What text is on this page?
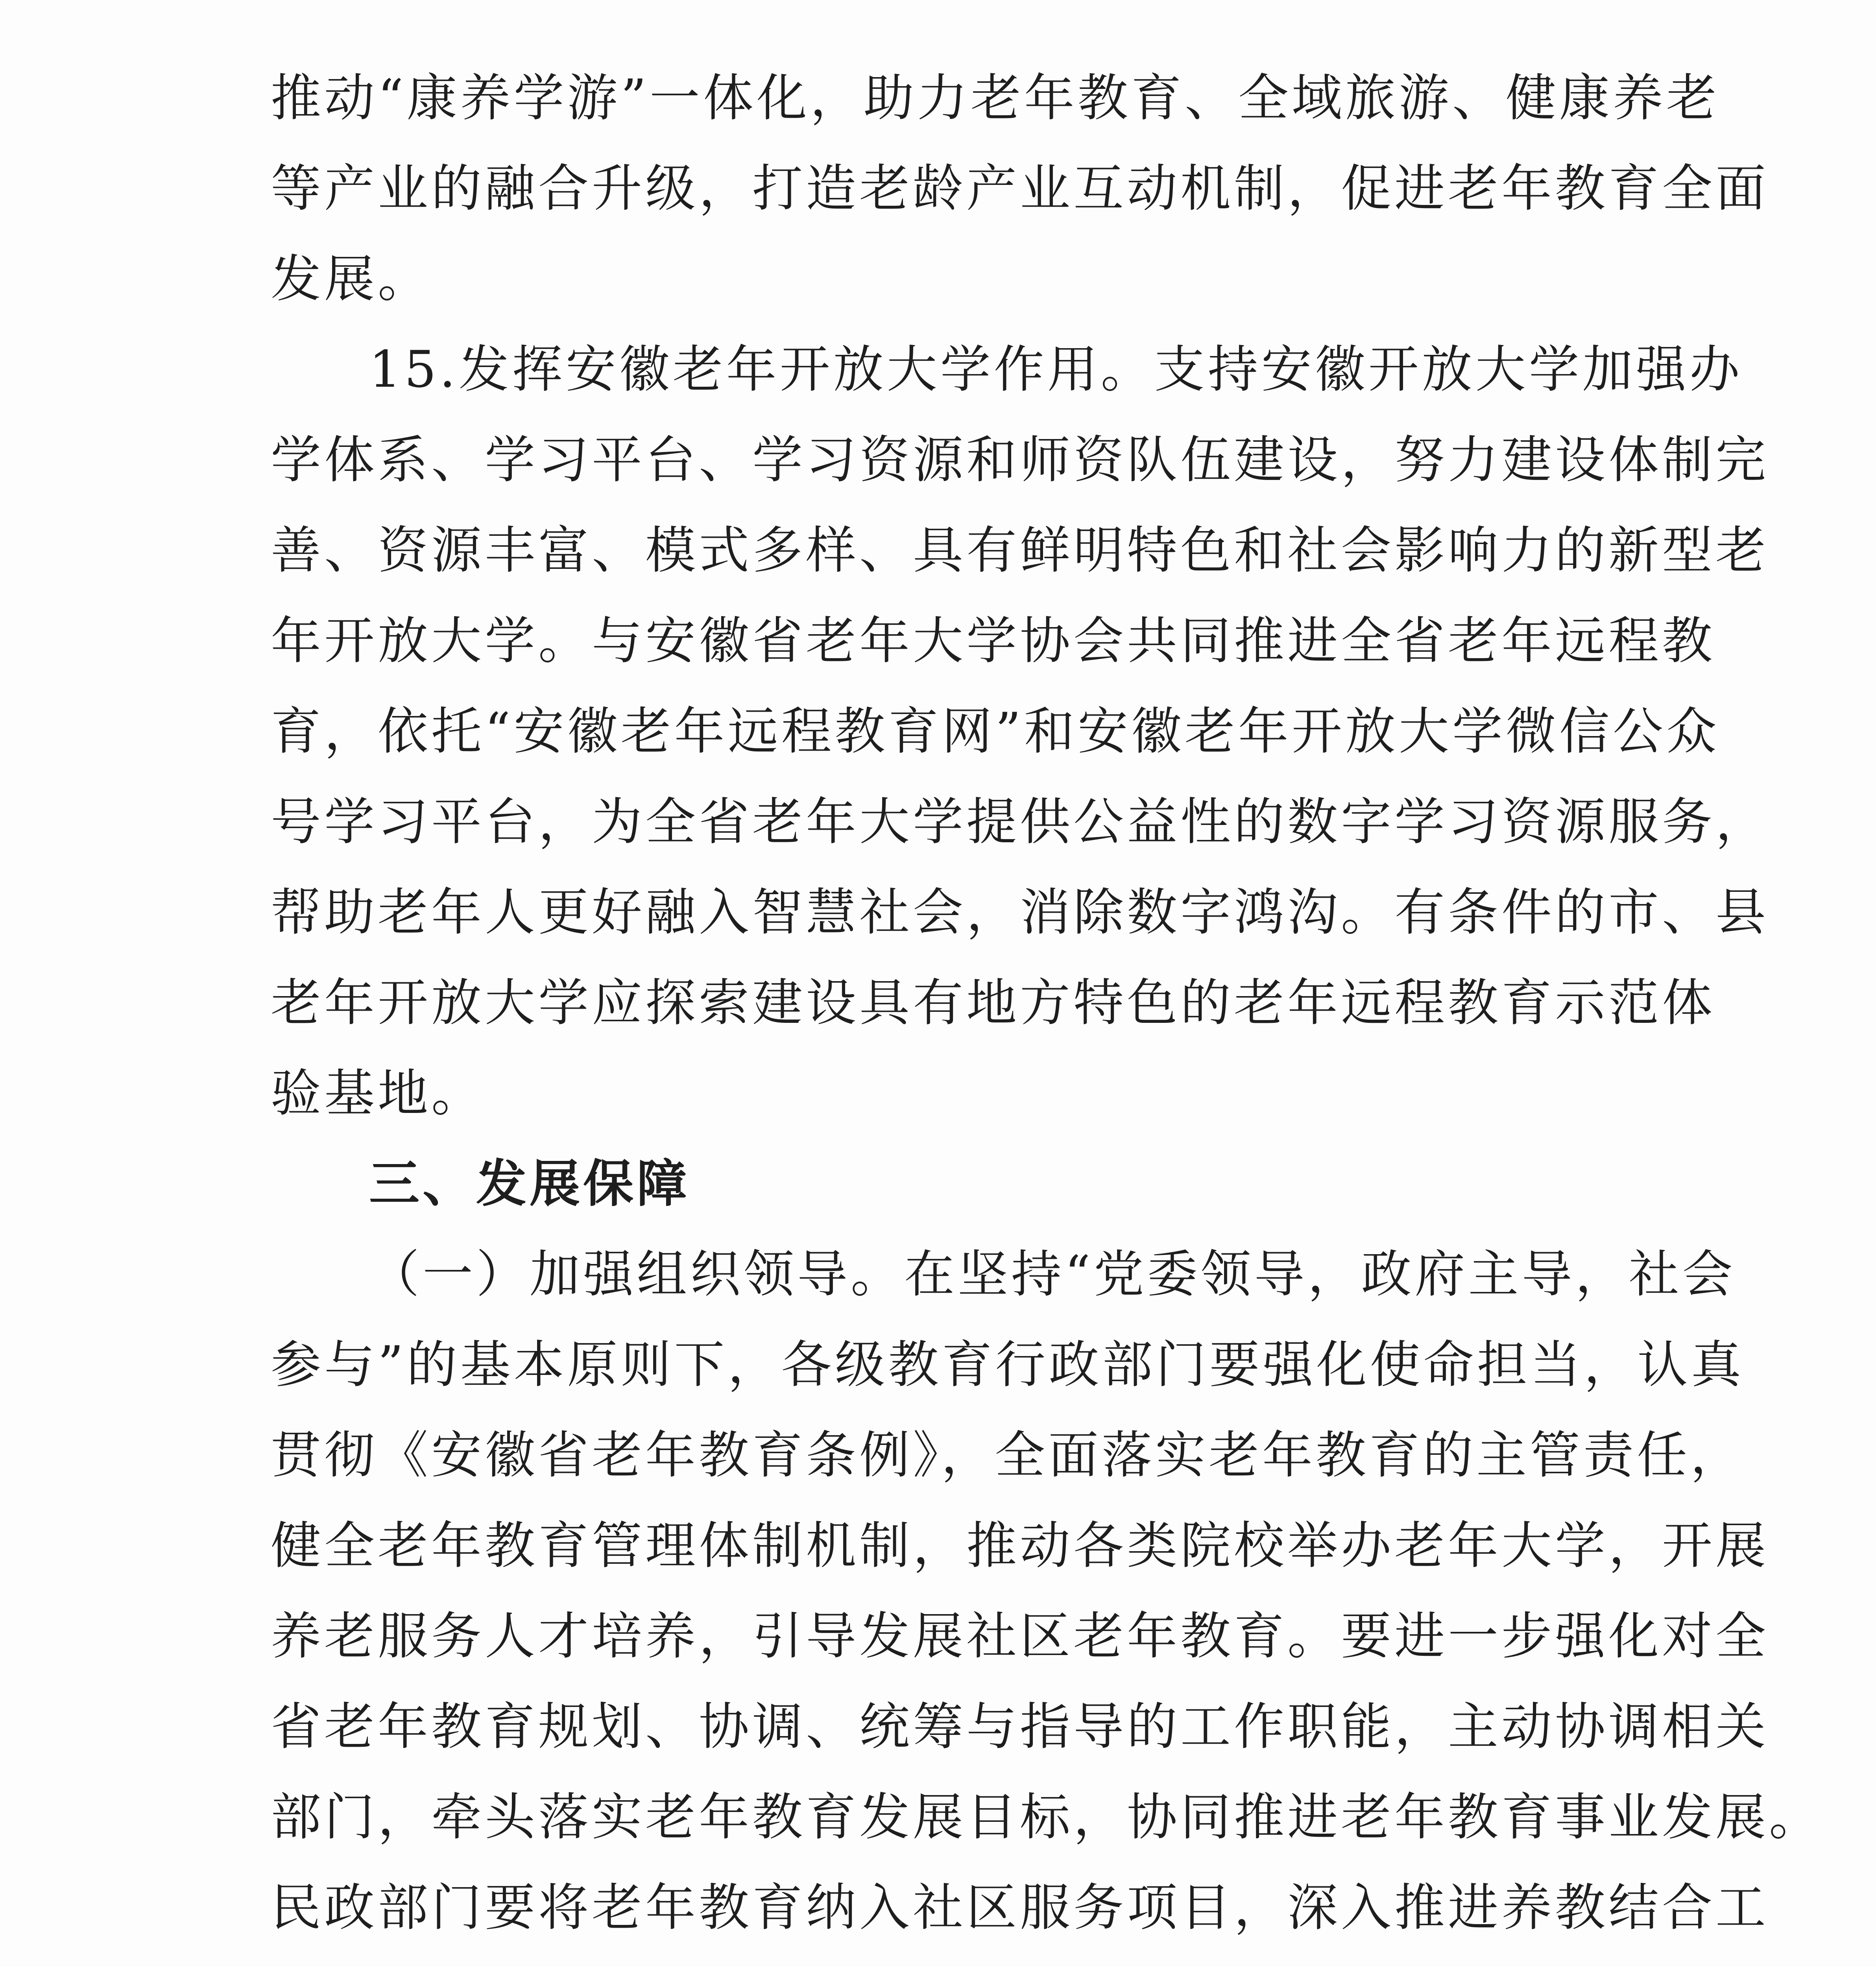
推动“康养学游”一体化，助力老年教育、全域旅游、健康养老
等产业的融合升级，打造老龄产业互动机制，促进老年教育全面
发展。
15.发挥安徽老年开放大学作用。支持安徽开放大学加强办
学体系、学习平台、学习资源和师资队伍建设，努力建设体制完
善、资源丰富、模式多样、具有鲜明特色和社会影响力的新型老
年开放大学。与安徽省老年大学协会共同推进全省老年远程教
育，依托“安徽老年远程教育网”和安徽老年开放大学微信公众
号学习平台，为全省老年大学提供公益性的数字学习资源服务，
帮助老年人更好融入智慧社会，消除数字鸿沟。有条件的市、县
老年开放大学应探索建设具有地方特色的老年远程教育示范体
验基地。
三、发展保障
（一）加强组织领导。在坚持“党委领导，政府主导，社会
参与”的基本原则下，各级教育行政部门要强化使命担当，认真
贯彻《安徽省老年教育条例》，全面落实老年教育的主管责任，
健全老年教育管理体制机制，推动各类院校举办老年大学，开展
养老服务人才培养，引导发展社区老年教育。要进一步强化对全
省老年教育规划、协调、统筹与指导的工作职能，主动协调相关
部门，牵头落实老年教育发展目标，协同推进老年教育事业发展。
民政部门要将老年教育纳入社区服务项目，深入推进养教结合工
